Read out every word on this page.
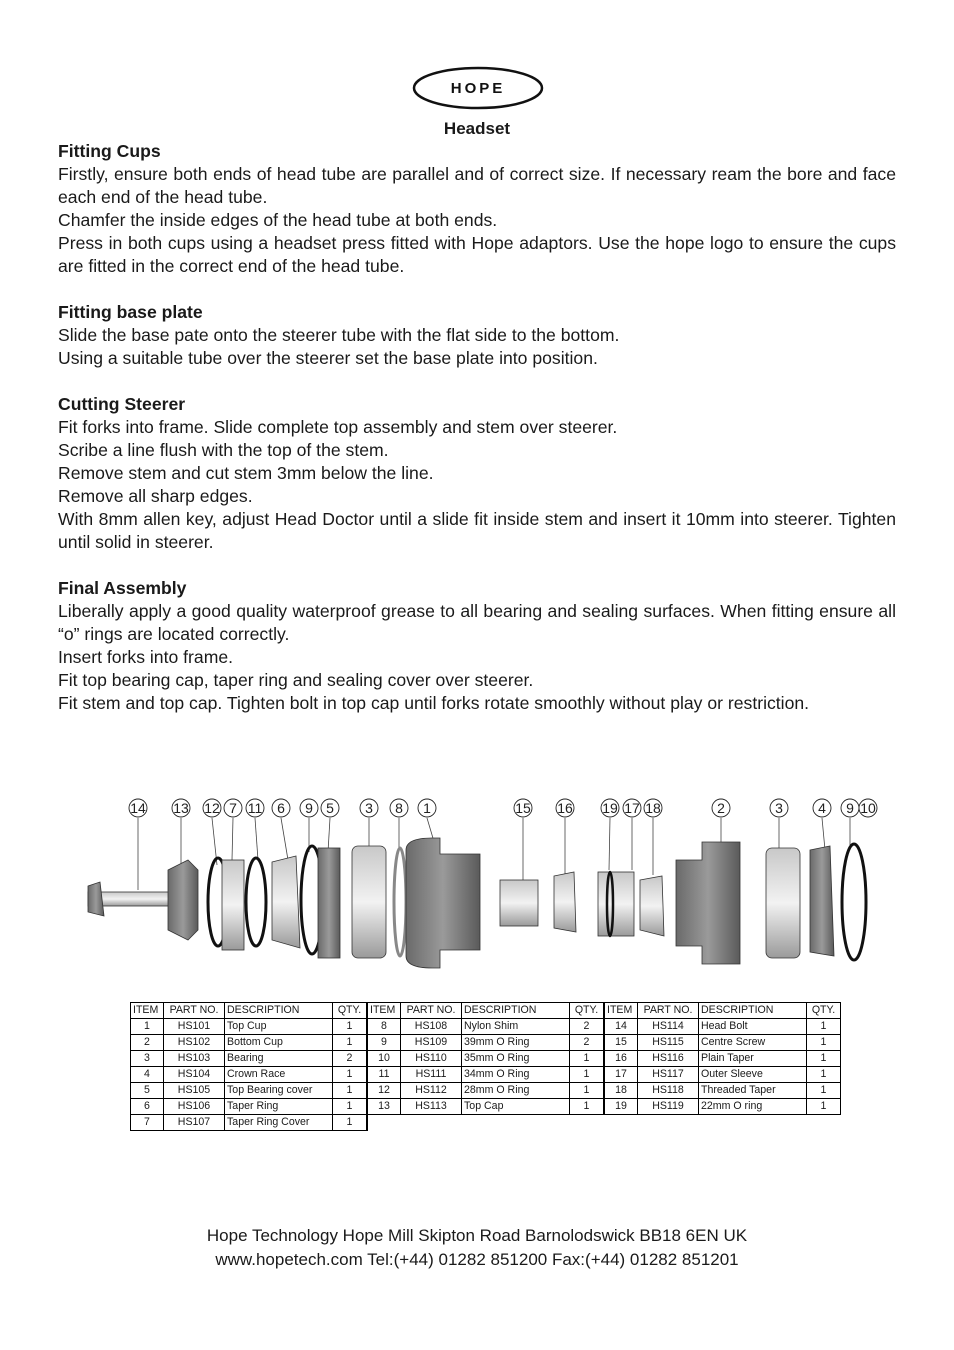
HOPE
Headset

Fitting Cups

Firstly, ensure both ends of head tube are parallel and of correct size. If necessary ream the bore and face each end of the head tube.

Chamfer the inside edges of the head tube at both ends.

Press in both cups using a headset press fitted with Hope adaptors. Use the hope logo to ensure the cups are fitted in the correct end of the head tube.

Fitting base plate

Slide the base pate onto the steerer tube with the flat side to the bottom.

Using a suitable tube over the steerer set the base plate into position.

Cutting Steerer

Fit forks into frame. Slide complete top assembly and stem over steerer.

Scribe a line flush with the top of the stem.

Remove stem and cut stem 3mm below the line.

Remove all sharp edges.

With 8mm allen key, adjust Head Doctor until a slide fit inside stem and insert it 10mm into steerer. Tighten until solid in steerer.

Final Assembly

Liberally apply a good quality waterproof grease to all bearing and sealing surfaces. When fitting ensure all “o” rings are located correctly.

Insert forks into frame.

Fit top bearing cap, taper ring and sealing cover over steerer.

Fit stem and top cap. Tighten bolt in top cap until forks rotate smoothly without play or restriction.

14 13 12 7 11 6 9 5 3 8 1	15 16 19 17 18	2	3	4 9 10
ITEM	PART NO.	DESCRIPTION	QTY.	ITEM	PART NO.	DESCRIPTION	QTY.	ITEM	PART NO.	DESCRIPTION	QTY.
1	HS101	Top Cup	1	8	HS108	Nylon Shim	2	14	HS114	Head Bolt	1
2	HS102	Bottom Cup	1	9	HS109	39mm O Ring	2	15	HS115	Centre Screw	1
3	HS103	Bearing	2	10	HS110	35mm O Ring	1	16	HS116	Plain Taper	1
4	HS104	Crown Race	1	11	HS111	34mm O Ring	1	17	HS117	Outer Sleeve	1
5	HS105	Top Bearing cover	1	12	HS112	28mm O Ring	1	18	HS118	Threaded Taper	1
6	HS106	Taper Ring	1	13	HS113	Top Cap	1	19	HS119	22mm O ring	1
7	HS107	Taper Ring Cover	1								
Hope Technology Hope Mill Skipton Road Barnolodswick BB18 6EN UK
www.hopetech.com Tel:(+44) 01282 851200 Fax:(+44) 01282 851201
